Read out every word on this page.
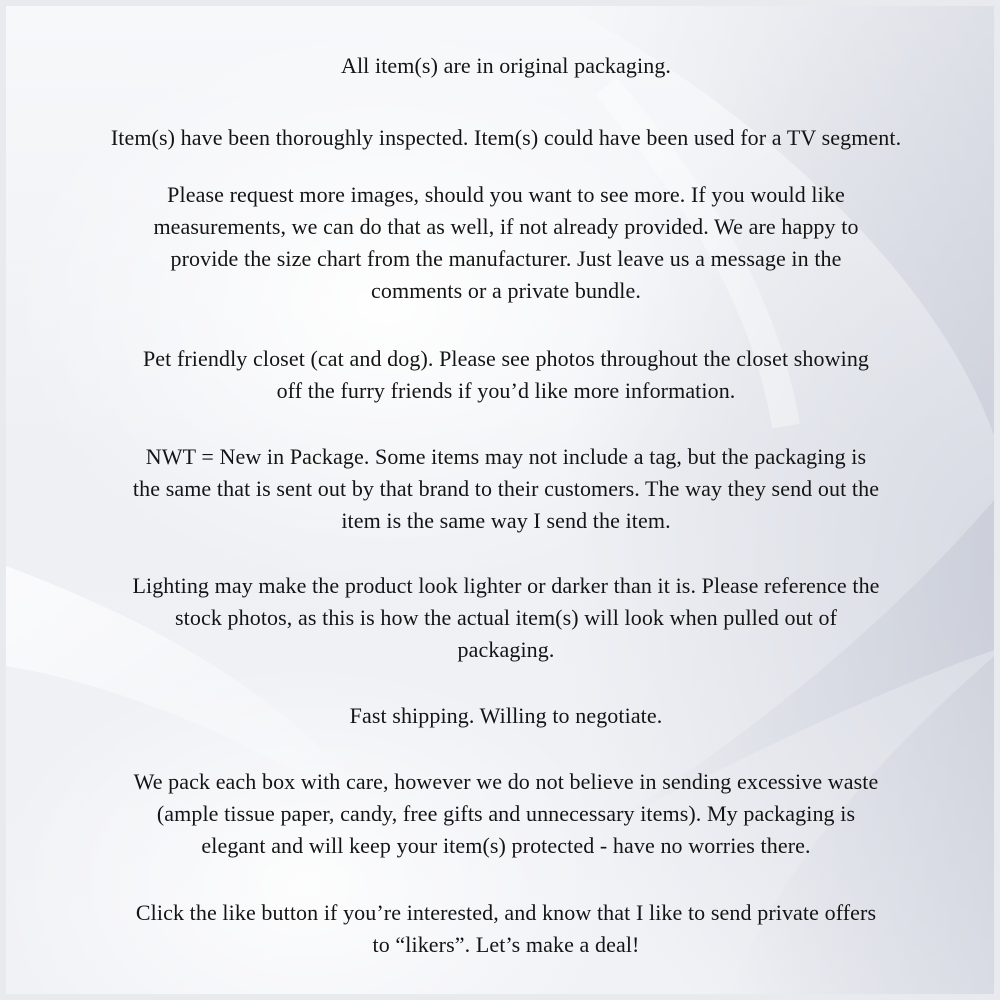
All item(s) are in original packaging.
Item(s) have been thoroughly inspected. Item(s) could have been used for a TV segment.
Please request more images, should you want to see more. If you would like
measurements, we can do that as well, if not already provided. We are happy to
provide the size chart from the manufacturer. Just leave us a message in the
comments or a private bundle.
Pet friendly closet (cat and dog). Please see photos throughout the closet showing
off the furry friends if you’d like more information.
NWT = New in Package. Some items may not include a tag, but the packaging is
the same that is sent out by that brand to their customers. The way they send out the
item is the same way I send the item.
Lighting may make the product look lighter or darker than it is. Please reference the
stock photos, as this is how the actual item(s) will look when pulled out of
packaging.
Fast shipping. Willing to negotiate.
We pack each box with care, however we do not believe in sending excessive waste
(ample tissue paper, candy, free gifts and unnecessary items). My packaging is
elegant and will keep your item(s) protected - have no worries there.
Click the like button if you’re interested, and know that I like to send private offers
to “likers”. Let’s make a deal!
